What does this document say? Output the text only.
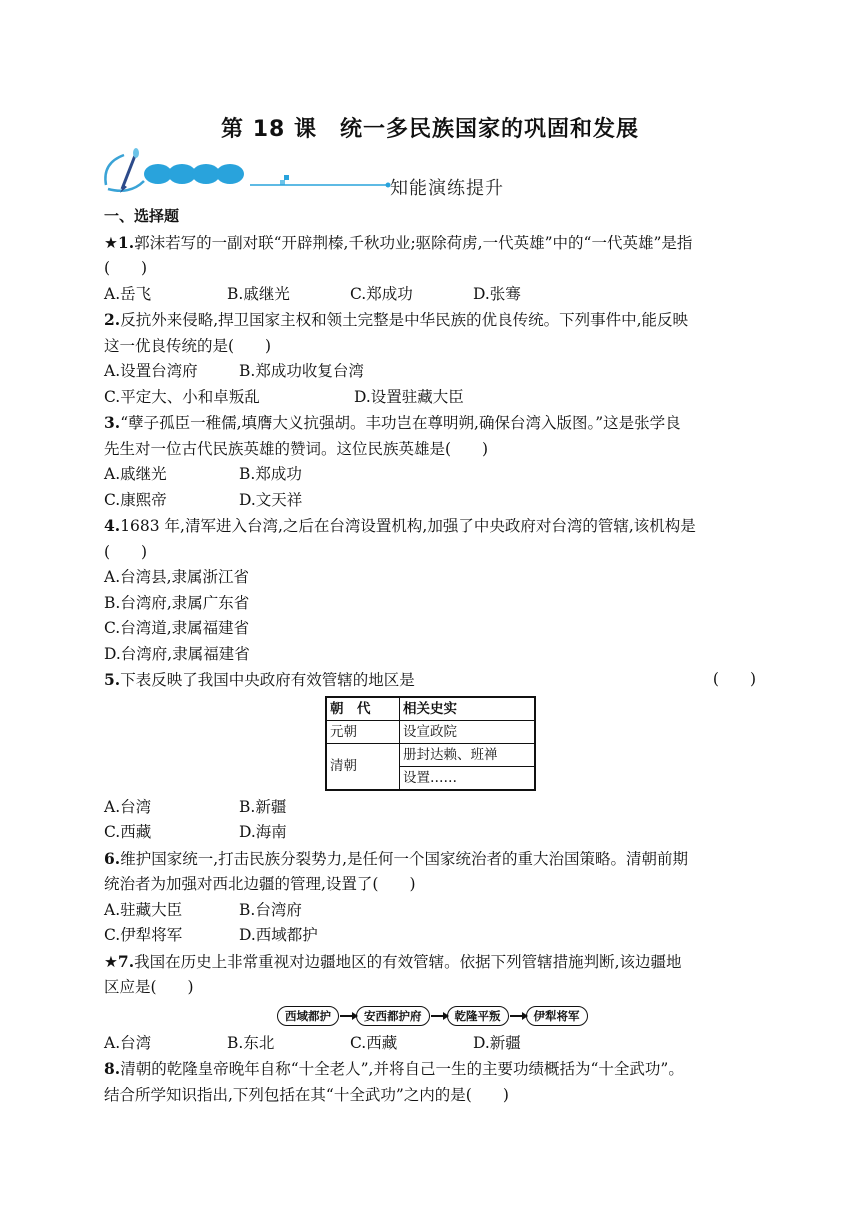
第 18 课　统一多民族国家的巩固和发展
知能演练提升
一、选择题
★1.郭沫若写的一副对联“开辟荆榛,千秋功业;驱除荷虏,一代英雄”中的“一代英雄”是指
(　　)
A.岳飞	B.戚继光	C.郑成功	D.张骞
2.反抗外来侵略,捍卫国家主权和领土完整是中华民族的优良传统。下列事件中,能反映
这一优良传统的是(　　)
A.设置台湾府	B.郑成功收复台湾
C.平定大、小和卓叛乱	D.设置驻藏大臣
3.“孽子孤臣一稚儒,填膺大义抗强胡。丰功岂在尊明朔,确保台湾入版图。”这是张学良
先生对一位古代民族英雄的赞词。这位民族英雄是(　　)
A.戚继光	B.郑成功
C.康熙帝	D.文天祥
4.1683 年,清军进入台湾,之后在台湾设置机构,加强了中央政府对台湾的管辖,该机构是
(　　)
A.台湾县,隶属浙江省
B.台湾府,隶属广东省
C.台湾道,隶属福建省
D.台湾府,隶属福建省
5.下表反映了我国中央政府有效管辖的地区是	(　　)
朝　代	相关史实
元朝	设宣政院
清朝	册封达赖、班禅
	设置……
A.台湾	B.新疆
C.西藏	D.海南
6.维护国家统一,打击民族分裂势力,是任何一个国家统治者的重大治国策略。清朝前期
统治者为加强对西北边疆的管理,设置了(　　)
A.驻藏大臣	B.台湾府
C.伊犁将军	D.西域都护
★7.我国在历史上非常重视对边疆地区的有效管辖。依据下列管辖措施判断,该边疆地
区应是(　　)
西域都护	安西都护府	乾隆平叛	伊犁将军
A.台湾	B.东北	C.西藏	D.新疆
8.清朝的乾隆皇帝晚年自称“十全老人”,并将自己一生的主要功绩概括为“十全武功”。
结合所学知识指出,下列包括在其“十全武功”之内的是(　　)
